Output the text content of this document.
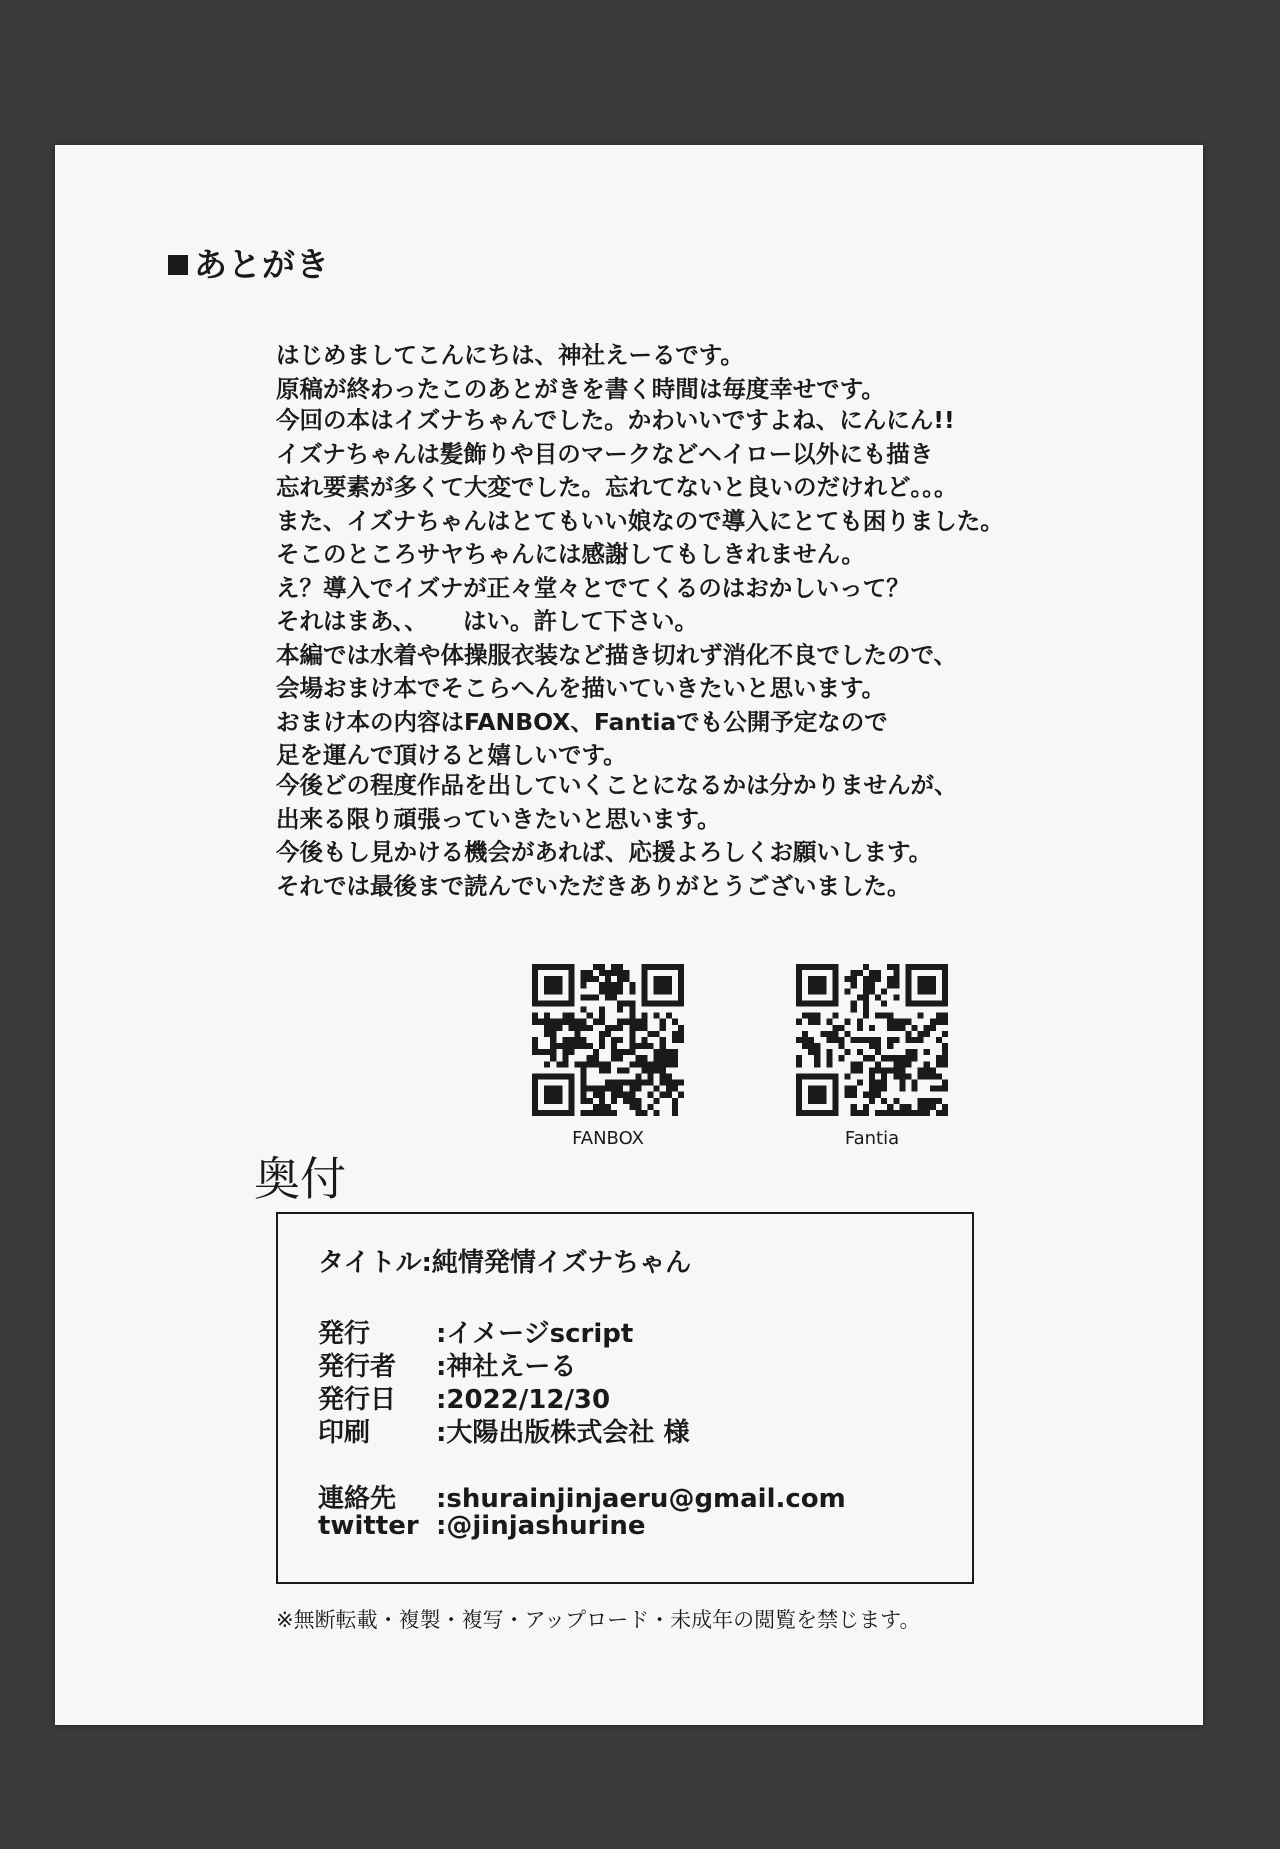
あとがき
はじめましてこんにちは、神社えーるです。
原稿が終わったこのあとがきを書く時間は毎度幸せです。
今回の本はイズナちゃんでした。かわいいですよね、にんにん!!
イズナちゃんは髪飾りや目のマークなどヘイロー以外にも描き
忘れ要素が多くて大変でした。忘れてないと良いのだけれど。。。
また、イズナちゃんはとてもいい娘なので導入にとても困りました。
そこのところサヤちゃんには感謝してもしきれません。
え？導入でイズナが正々堂々とでてくるのはおかしいって？
それはまあ、、　　はい。許して下さい。
本編では水着や体操服衣装など描き切れず消化不良でしたので、
会場おまけ本でそこらへんを描いていきたいと思います。
おまけ本の内容はFANBOX、Fantiaでも公開予定なので
足を運んで頂けると嬉しいです。
今後どの程度作品を出していくことになるかは分かりませんが、
出来る限り頑張っていきたいと思います。
今後もし見かける機会があれば、応援よろしくお願いします。
それでは最後まで読んでいただきありがとうございました。
FANBOX	Fantia
奥付
タイトル:純情発情イズナちゃん
発行	:イメージscript
発行者 :神社えーる
発行日 :2022/12/30
印刷	:大陽出版株式会社 様
連絡先 :shurainjinjaeru@gmail.com
twitter :@jinjashurine
※無断転載・複製・複写・アップロード・未成年の閲覧を禁じます。
